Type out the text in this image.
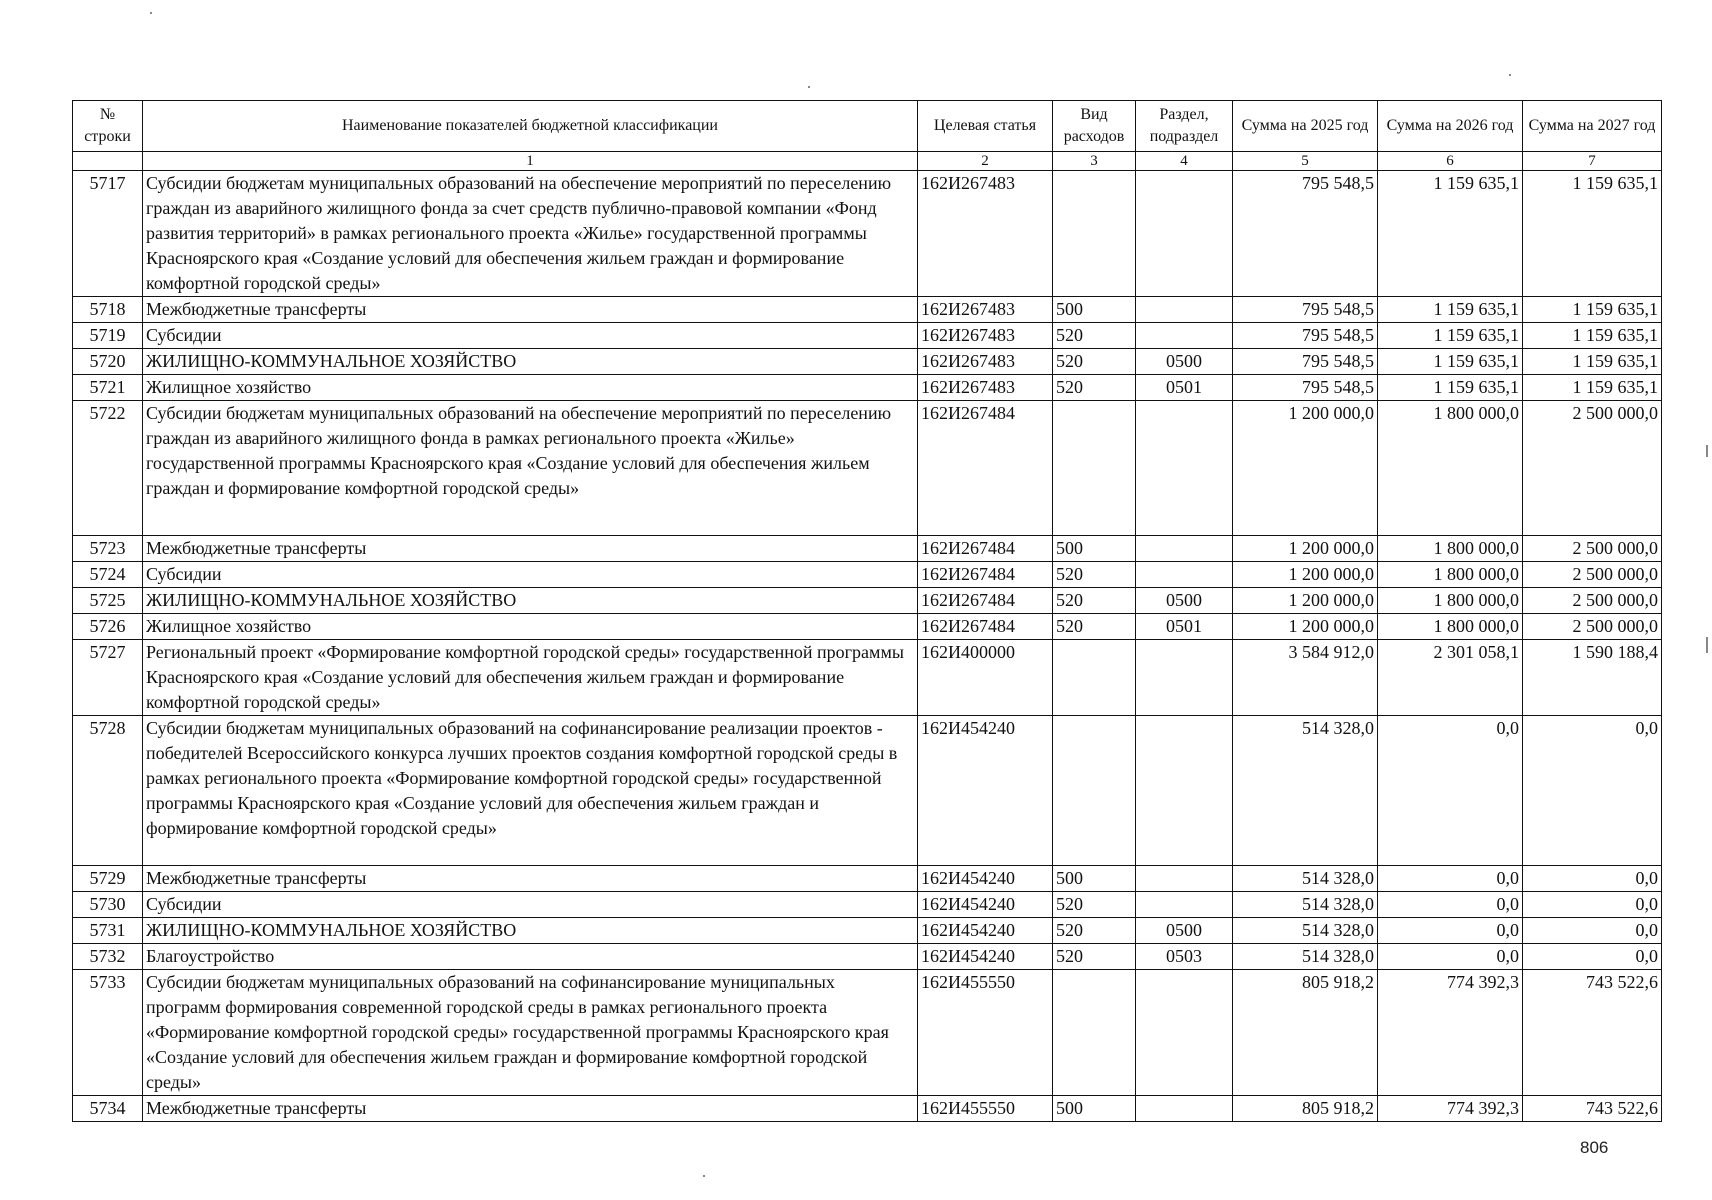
№ строки	Наименование показателей бюджетной классификации	Целевая статья	Вид расходов	Раздел, подраздел	Сумма на 2025 год	Сумма на 2026 год	Сумма на 2027 год
	1	2	3	4	5	6	7
5717	Субсидии бюджетам муниципальных образований на обеспечение мероприятий по переселению граждан из аварийного жилищного фонда за счет средств публично-правовой компании «Фонд развития территорий» в рамках регионального проекта «Жилье» государственной программы Красноярского края «Создание условий для обеспечения жильем граждан и формирование комфортной городской среды»	162И267483			795 548,5	1 159 635,1	1 159 635,1
5718	Межбюджетные трансферты	162И267483	500		795 548,5	1 159 635,1	1 159 635,1
5719	Субсидии	162И267483	520		795 548,5	1 159 635,1	1 159 635,1
5720	ЖИЛИЩНО-КОММУНАЛЬНОЕ ХОЗЯЙСТВО	162И267483	520	0500	795 548,5	1 159 635,1	1 159 635,1
5721	Жилищное хозяйство	162И267483	520	0501	795 548,5	1 159 635,1	1 159 635,1
5722	Субсидии бюджетам муниципальных образований на обеспечение мероприятий по переселению граждан из аварийного жилищного фонда в рамках регионального проекта «Жилье» государственной программы Красноярского края «Создание условий для обеспечения жильем граждан и формирование комфортной городской среды»	162И267484			1 200 000,0	1 800 000,0	2 500 000,0
5723	Межбюджетные трансферты	162И267484	500		1 200 000,0	1 800 000,0	2 500 000,0
5724	Субсидии	162И267484	520		1 200 000,0	1 800 000,0	2 500 000,0
5725	ЖИЛИЩНО-КОММУНАЛЬНОЕ ХОЗЯЙСТВО	162И267484	520	0500	1 200 000,0	1 800 000,0	2 500 000,0
5726	Жилищное хозяйство	162И267484	520	0501	1 200 000,0	1 800 000,0	2 500 000,0
5727	Региональный проект «Формирование комфортной городской среды» государственной программы Красноярского края «Создание условий для обеспечения жильем граждан и формирование комфортной городской среды»	162И400000			3 584 912,0	2 301 058,1	1 590 188,4
5728	Субсидии бюджетам муниципальных образований на софинансирование реализации проектов - победителей Всероссийского конкурса лучших проектов создания комфортной городской среды в рамках регионального проекта «Формирование комфортной городской среды» государственной программы Красноярского края «Создание условий для обеспечения жильем граждан и формирование комфортной городской среды»	162И454240			514 328,0	0,0	0,0
5729	Межбюджетные трансферты	162И454240	500		514 328,0	0,0	0,0
5730	Субсидии	162И454240	520		514 328,0	0,0	0,0
5731	ЖИЛИЩНО-КОММУНАЛЬНОЕ ХОЗЯЙСТВО	162И454240	520	0500	514 328,0	0,0	0,0
5732	Благоустройство	162И454240	520	0503	514 328,0	0,0	0,0
5733	Субсидии бюджетам муниципальных образований на софинансирование муниципальных программ формирования современной городской среды в рамках регионального проекта «Формирование комфортной городской среды» государственной программы Красноярского края «Создание условий для обеспечения жильем граждан и формирование комфортной городской среды»	162И455550			805 918,2	774 392,3	743 522,6
5734	Межбюджетные трансферты	162И455550	500		805 918,2	774 392,3	743 522,6
806
